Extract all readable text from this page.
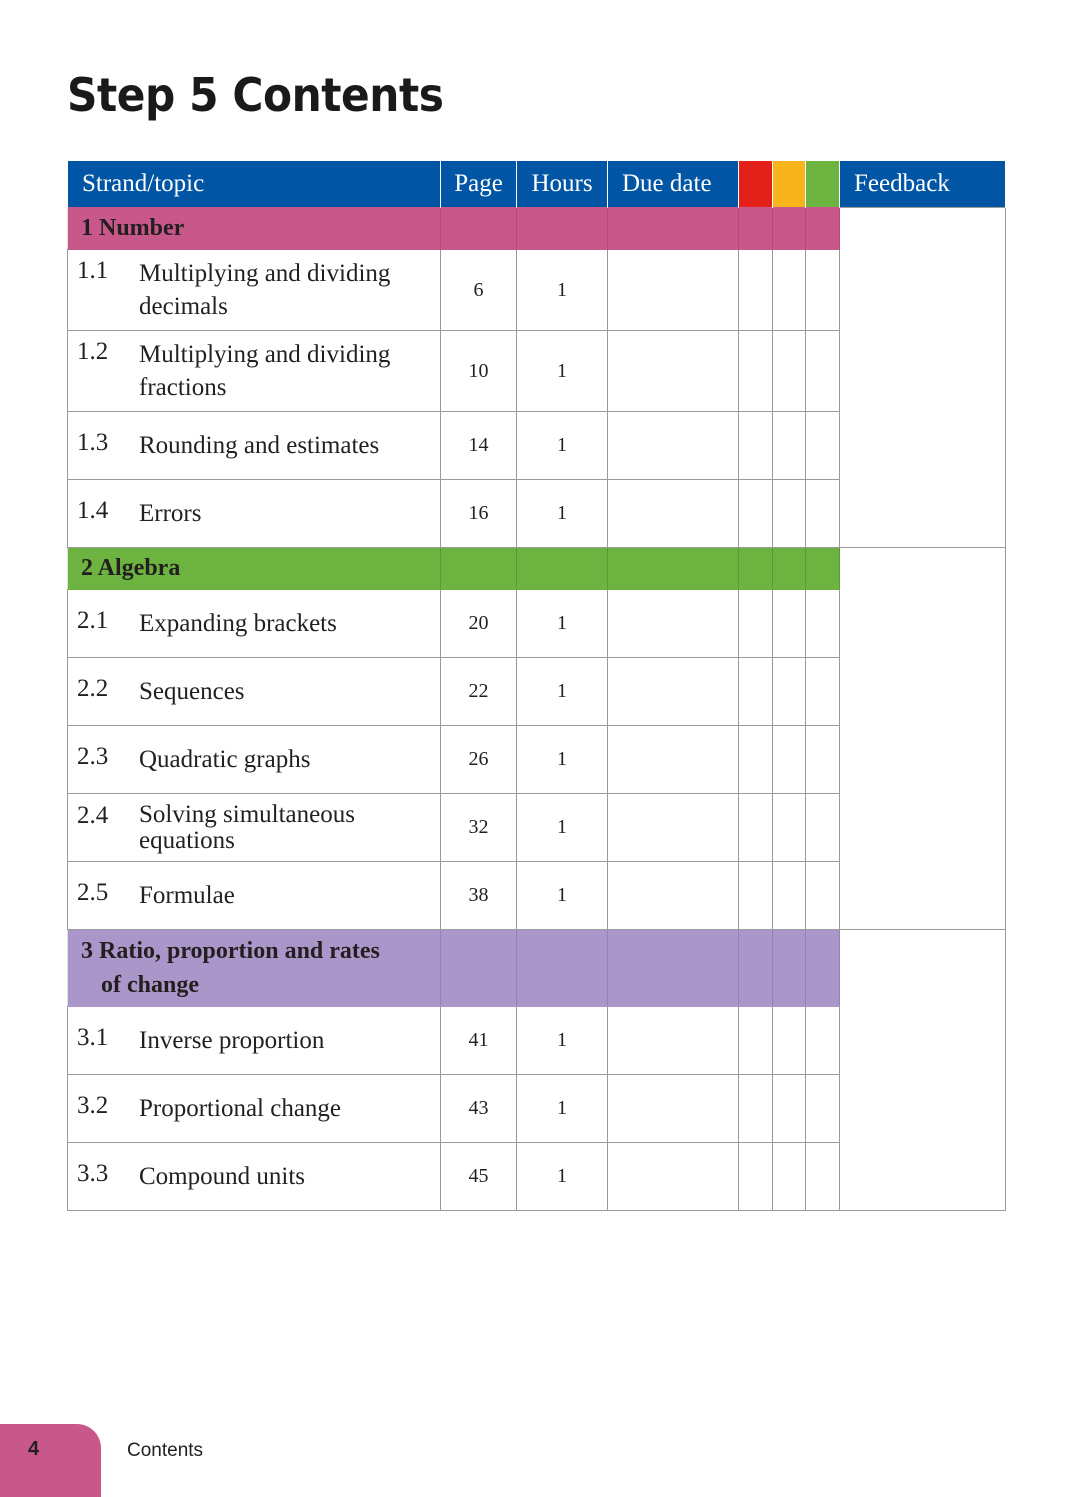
Step 5 Contents
Strand/topic	Page	Hours	Due date				Feedback
1 Number							
1.1 Multiplying and dividing decimals	6	1					
1.2 Multiplying and dividing fractions	10	1					
1.3 Rounding and estimates	14	1					
1.4 Errors	16	1					
2 Algebra							
2.1 Expanding brackets	20	1					
2.2 Sequences	22	1					
2.3 Quadratic graphs	26	1					
2.4 Solving simultaneous equations	32	1					
2.5 Formulae	38	1					
3 Ratio, proportion and rates
of change							
3.1 Inverse proportion	41	1					
3.2 Proportional change	43	1					
3.3 Compound units	45	1					
4	Contents
